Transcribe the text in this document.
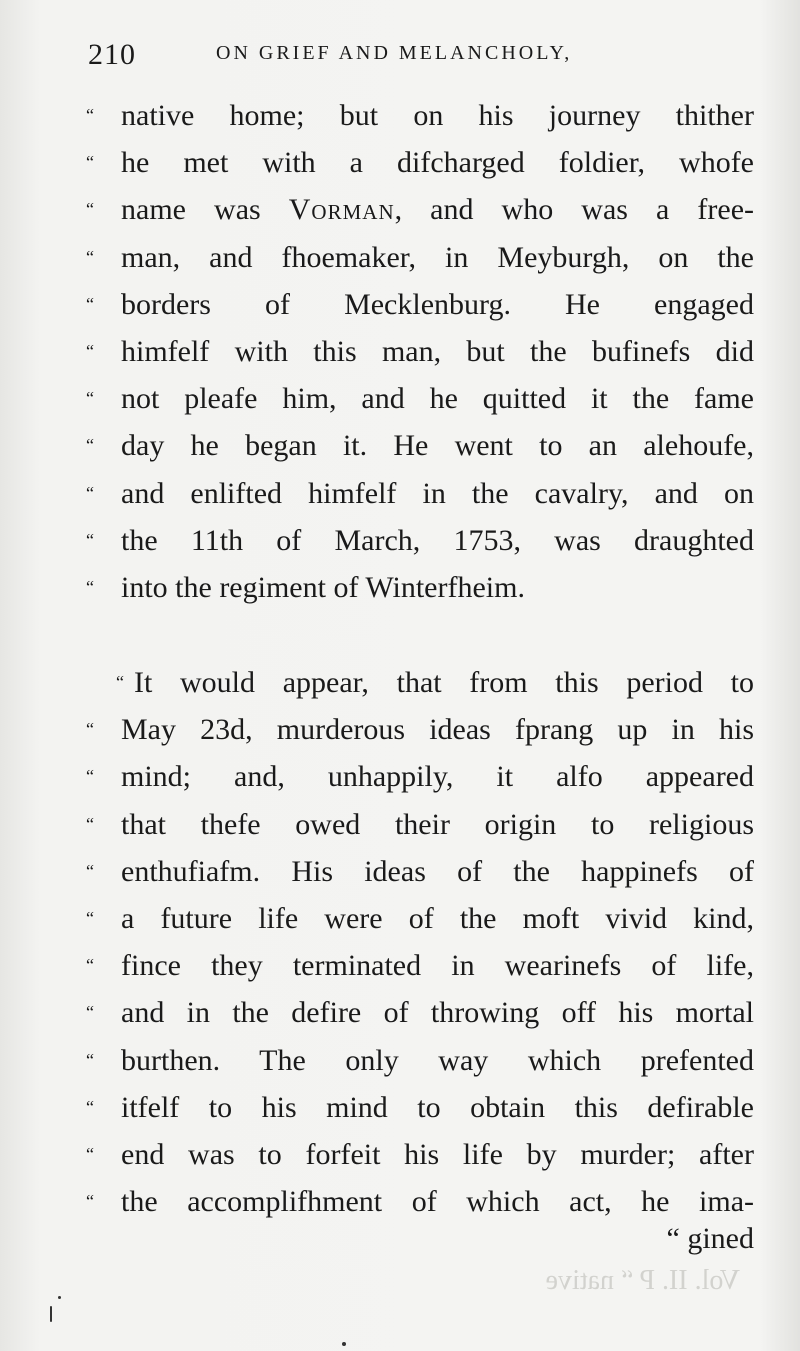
210	ON GRIEF AND MELANCHOLY,
“ native home; but on his journey thither
“ he met with a difcharged foldier, whofe
“ name was Vorman, and who was a free-
“ man, and fhoemaker, in Meyburgh, on the
“ borders of Mecklenburg. He engaged
“ himfelf with this man, but the bufinefs did
“ not pleafe him, and he quitted it the fame
“ day he began it. He went to an alehoufe,
“ and enlifted himfelf in the cavalry, and on
“ the 11th of March, 1753, was draughted
“ into the regiment of Winterfheim.
“ It would appear, that from this period to
“ May 23d, murderous ideas fprang up in his
“ mind; and, unhappily, it alfo appeared
“ that thefe owed their origin to religious
“ enthufiafm. His ideas of the happinefs of
“ a future life were of the moft vivid kind,
“ fince they terminated in wearinefs of life,
“ and in the defire of throwing off his mortal
“ burthen. The only way which prefented
“ itfelf to his mind to obtain this defirable
“ end was to forfeit his life by murder; after
“ the accomplifhment of which act, he ima-
“ gined
Vol. II. P “ native
